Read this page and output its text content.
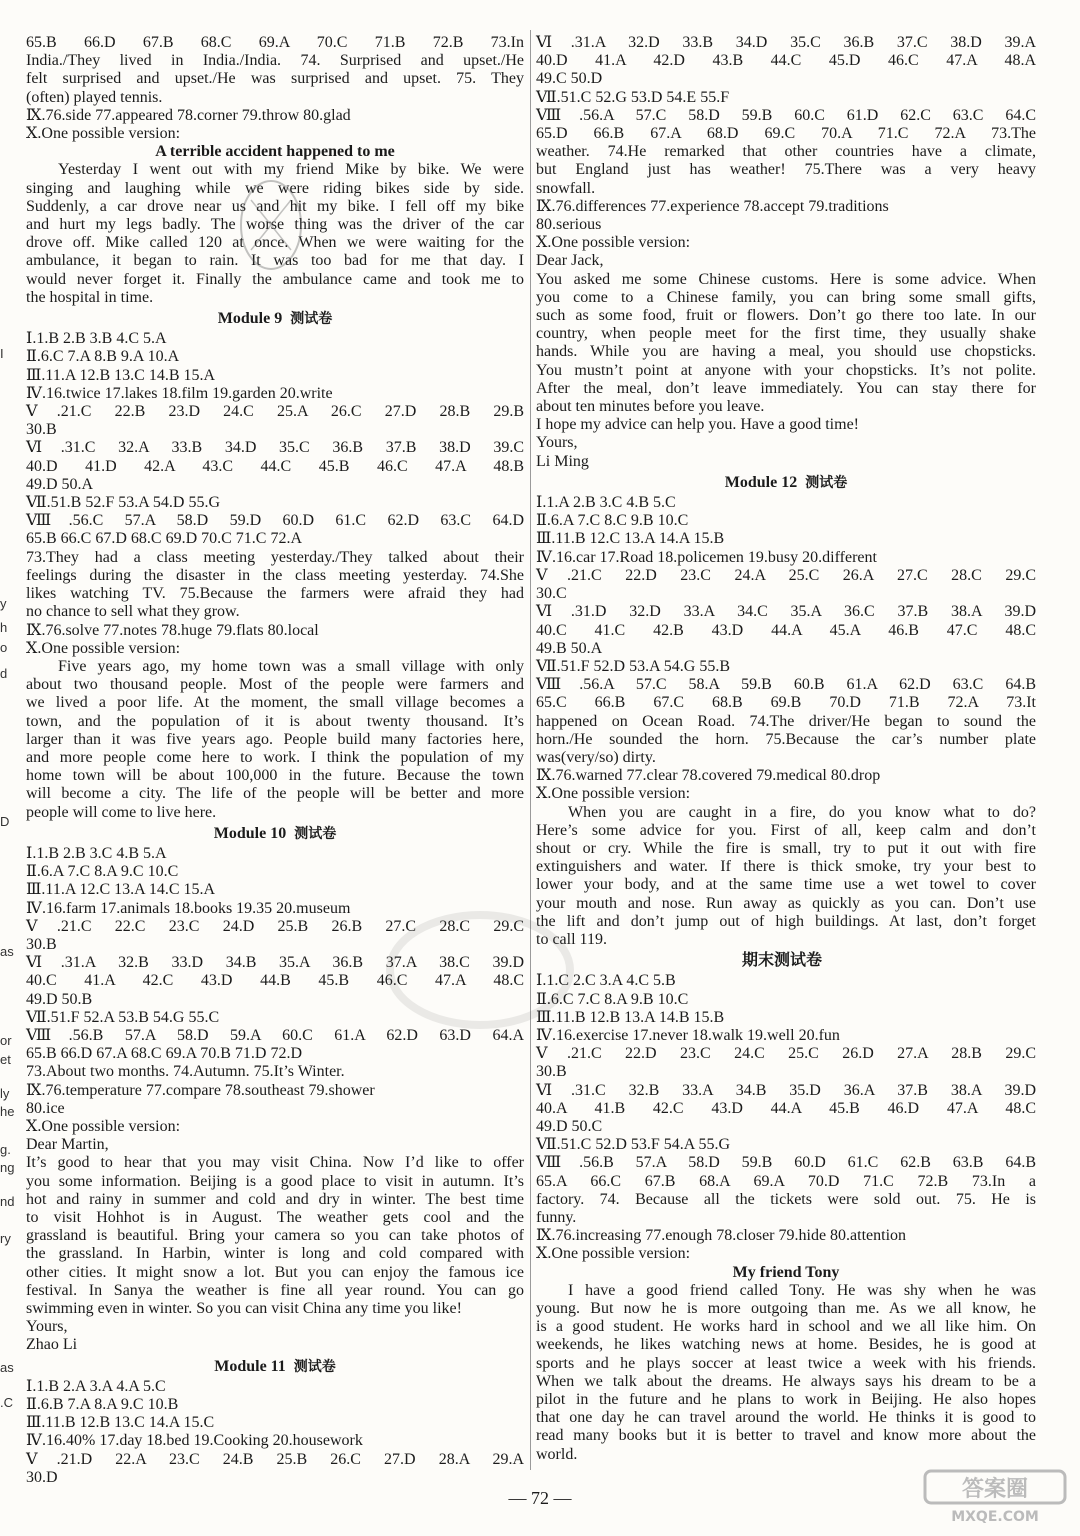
65.B 66.D 67.B 68.C 69.A 70.C 71.B 72.B 73.In
India./They lived in India./India. 74. Surprised and upset./He
felt surprised and upset./He was surprised and upset. 75. They
(often) played tennis.
Ⅸ.76.side 77.appeared 78.corner 79.throw 80.glad
Ⅹ.One possible version:
A terrible accident happened to me
Yesterday I went out with my friend Mike by bike. We were
singing and laughing while we were riding bikes side by side.
Suddenly, a car drove near us and hit my bike. I fell off my bike
and hurt my legs badly. The worse thing was the driver of the car
drove off. Mike called 120 at once. When we were waiting for the
ambulance, it began to rain. It was too bad for me that day. I
would never forget it. Finally the ambulance came and took me to
the hospital in time.
Module 9 测试卷
Ⅰ.1.B 2.B 3.B 4.C 5.A
Ⅱ.6.C 7.A 8.B 9.A 10.A
Ⅲ.11.A 12.B 13.C 14.B 15.A
Ⅳ.16.twice 17.lakes 18.film 19.garden 20.write
Ⅴ.21.C 22.B 23.D 24.C 25.A 26.C 27.D 28.B 29.B
30.B
Ⅵ.31.C 32.A 33.B 34.D 35.C 36.B 37.B 38.D 39.C
40.D 41.D 42.A 43.C 44.C 45.B 46.C 47.A 48.B
49.D 50.A
Ⅶ.51.B 52.F 53.A 54.D 55.G
Ⅷ.56.C 57.A 58.D 59.D 60.D 61.C 62.D 63.C 64.D
65.B 66.C 67.D 68.C 69.D 70.C 71.C 72.A
73.They had a class meeting yesterday./They talked about their
feelings during the disaster in the class meeting yesterday. 74.She
likes watching TV. 75.Because the farmers were afraid they had
no chance to sell what they grow.
Ⅸ.76.solve 77.notes 78.huge 79.flats 80.local
Ⅹ.One possible version:
Five years ago, my home town was a small village with only
about two thousand people. Most of the people were farmers and
we lived a poor life. At the moment, the small village becomes a
town, and the population of it is about twenty thousand. It’s
larger than it was five years ago. People build many factories here,
and more people come here to work. I think the population of my
home town will be about 100,000 in the future. Because the town
will become a city. The life of the people will be better and more
people will come to live here.
Module 10 测试卷
Ⅰ.1.B 2.B 3.C 4.B 5.A
Ⅱ.6.A 7.C 8.A 9.C 10.C
Ⅲ.11.A 12.C 13.A 14.C 15.A
Ⅳ.16.farm 17.animals 18.books 19.35 20.museum
Ⅴ.21.C 22.C 23.C 24.D 25.B 26.B 27.C 28.C 29.C
30.B
Ⅵ.31.A 32.B 33.D 34.B 35.A 36.B 37.A 38.C 39.D
40.C 41.A 42.C 43.D 44.B 45.B 46.C 47.A 48.C
49.D 50.B
Ⅶ.51.F 52.A 53.B 54.G 55.C
Ⅷ.56.B 57.A 58.D 59.A 60.C 61.A 62.D 63.D 64.A
65.B 66.D 67.A 68.C 69.A 70.B 71.D 72.D
73.About two months. 74.Autumn. 75.It’s Winter.
Ⅸ.76.temperature 77.compare 78.southeast 79.shower
80.ice
Ⅹ.One possible version:
Dear Martin,
It’s good to hear that you may visit China. Now I’d like to offer
you some information. Beijing is a good place to visit in autumn. It’s
hot and rainy in summer and cold and dry in winter. The best time
to visit Hohhot is in August. The weather gets cool and the
grassland is beautiful. Bring your camera so you can take photos of
the grassland. In Harbin, winter is long and cold compared with
other cities. It might snow a lot. But you can enjoy the famous ice
festival. In Sanya the weather is fine all year round. You can go
swimming even in winter. So you can visit China any time you like!
Yours,
Zhao Li
Module 11 测试卷
Ⅰ.1.B 2.A 3.A 4.A 5.C
Ⅱ.6.B 7.A 8.A 9.C 10.B
Ⅲ.11.B 12.B 13.C 14.A 15.C
Ⅳ.16.40% 17.day 18.bed 19.Cooking 20.housework
Ⅴ.21.D 22.A 23.C 24.B 25.B 26.C 27.D 28.A 29.A
30.D
Ⅵ.31.A 32.D 33.B 34.D 35.C 36.B 37.C 38.D 39.A
40.D 41.A 42.D 43.B 44.C 45.D 46.C 47.A 48.A
49.C 50.D
Ⅶ.51.C 52.G 53.D 54.E 55.F
Ⅷ.56.A 57.C 58.D 59.B 60.C 61.D 62.C 63.C 64.C
65.D 66.B 67.A 68.D 69.C 70.A 71.C 72.A 73.The
weather. 74.He remarked that other countries have a climate,
but England just has weather! 75.There was a very heavy
snowfall.
Ⅸ.76.differences 77.experience 78.accept 79.traditions
80.serious
Ⅹ.One possible version:
Dear Jack,
You asked me some Chinese customs. Here is some advice. When
you come to a Chinese family, you can bring some small gifts,
such as some food, fruit or flowers. Don’t go there too late. In our
country, when people meet for the first time, they usually shake
hands. While you are having a meal, you should use chopsticks.
You mustn’t point at anyone with your chopsticks. It’s not polite.
After the meal, don’t leave immediately. You can stay there for
about ten minutes before you leave.
I hope my advice can help you. Have a good time!
Yours,
Li Ming
Module 12 测试卷
Ⅰ.1.A 2.B 3.C 4.B 5.C
Ⅱ.6.A 7.C 8.C 9.B 10.C
Ⅲ.11.B 12.C 13.A 14.A 15.B
Ⅳ.16.car 17.Road 18.policemen 19.busy 20.different
Ⅴ.21.C 22.D 23.C 24.A 25.C 26.A 27.C 28.C 29.C
30.C
Ⅵ.31.D 32.D 33.A 34.C 35.A 36.C 37.B 38.A 39.D
40.C 41.C 42.B 43.D 44.A 45.A 46.B 47.C 48.C
49.B 50.A
Ⅶ.51.F 52.D 53.A 54.G 55.B
Ⅷ.56.A 57.C 58.A 59.B 60.B 61.A 62.D 63.C 64.B
65.C 66.B 67.C 68.B 69.B 70.D 71.B 72.A 73.It
happened on Ocean Road. 74.The driver/He began to sound the
horn./He sounded the horn. 75.Because the car’s number plate
was(very/so) dirty.
Ⅸ.76.warned 77.clear 78.covered 79.medical 80.drop
Ⅹ.One possible version:
When you are caught in a fire, do you know what to do?
Here’s some advice for you. First of all, keep calm and don’t
shout or cry. While the fire is small, try to put it out with fire
extinguishers and water. If there is thick smoke, try your best to
lower your body, and at the same time use a wet towel to cover
your mouth and nose. Run away as quickly as you can. Don’t use
the lift and don’t jump out of high buildings. At last, don’t forget
to call 119.
期末测试卷
Ⅰ.1.C 2.C 3.A 4.C 5.B
Ⅱ.6.C 7.C 8.A 9.B 10.C
Ⅲ.11.B 12.B 13.A 14.B 15.B
Ⅳ.16.exercise 17.never 18.walk 19.well 20.fun
Ⅴ.21.C 22.D 23.C 24.C 25.C 26.D 27.A 28.B 29.C
30.B
Ⅵ.31.C 32.B 33.A 34.B 35.D 36.A 37.B 38.A 39.D
40.A 41.B 42.C 43.D 44.A 45.B 46.D 47.A 48.C
49.D 50.C
Ⅶ.51.C 52.D 53.F 54.A 55.G
Ⅷ.56.B 57.A 58.D 59.B 60.D 61.C 62.B 63.B 64.B
65.A 66.C 67.B 68.A 69.A 70.D 71.C 72.B 73.In a
factory. 74. Because all the tickets were sold out. 75. He is
funny.
Ⅸ.76.increasing 77.enough 78.closer 79.hide 80.attention
Ⅹ.One possible version:
My friend Tony
I have a good friend called Tony. He was shy when he was
young. But now he is more outgoing than me. As we all know, he
is a good student. He works hard in school and we all like him. On
weekends, he likes watching news at home. Besides, he is good at
sports and he plays soccer at least twice a week with his friends.
When we talk about the dreams. He always says his dream to be a
pilot in the future and he plans to work in Beijing. He also hopes
that one day he can travel around the world. He thinks it is good to
read many books but it is better to travel and know more about the
world.
— 72 —	答案圈
MXQE.COM
I
y
h
o
d
D
as
or
et
ly
he
g.
ng
nd
ry
as
.C
